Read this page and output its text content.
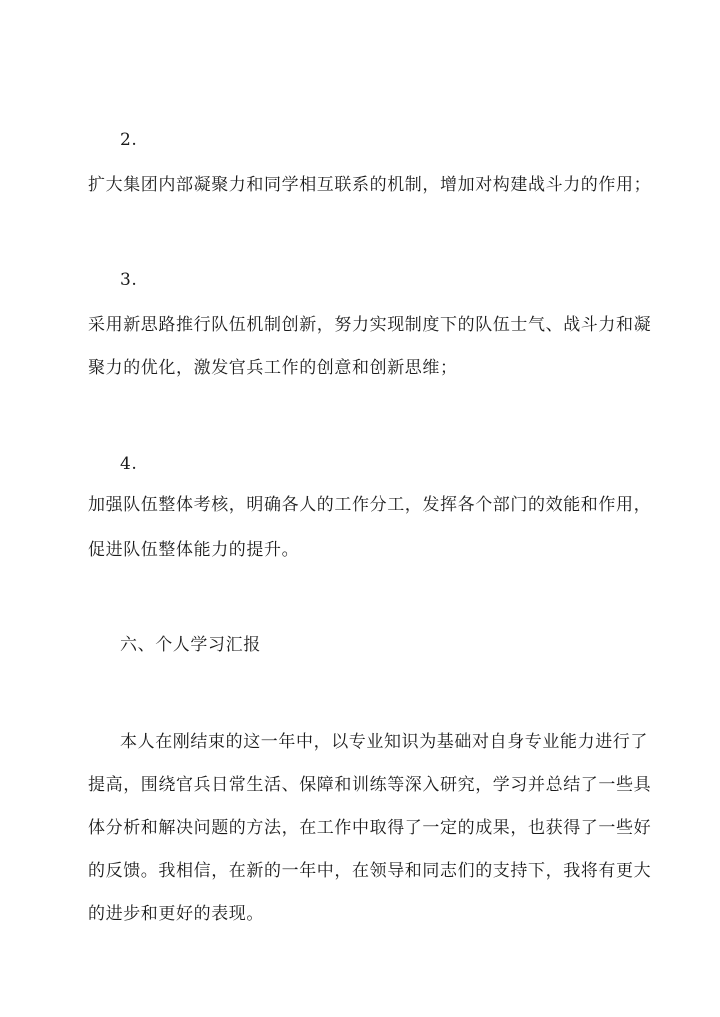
2.
扩大集团内部凝聚力和同学相互联系的机制，增加对构建战斗力的作用；
3.
采用新思路推行队伍机制创新，努力实现制度下的队伍士气、战斗力和凝
聚力的优化，激发官兵工作的创意和创新思维；
4.
加强队伍整体考核，明确各人的工作分工，发挥各个部门的效能和作用，
促进队伍整体能力的提升。
六、个人学习汇报
本人在刚结束的这一年中，以专业知识为基础对自身专业能力进行了
提高，围绕官兵日常生活、保障和训练等深入研究，学习并总结了一些具
体分析和解决问题的方法，在工作中取得了一定的成果，也获得了一些好
的反馈。我相信，在新的一年中，在领导和同志们的支持下，我将有更大
的进步和更好的表现。
